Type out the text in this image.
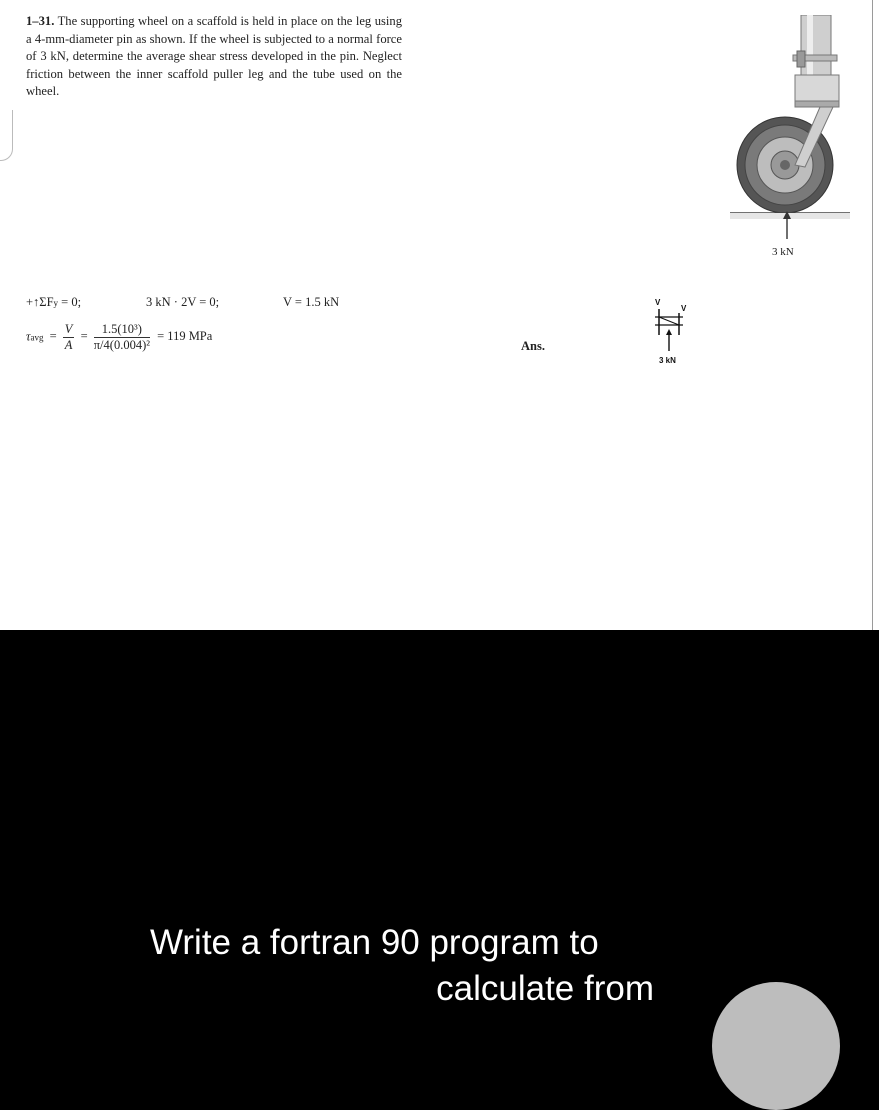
1–31. The supporting wheel on a scaffold is held in place on the leg using a 4-mm-diameter pin as shown. If the wheel is subjected to a normal force of 3 kN, determine the average shear stress developed in the pin. Neglect friction between the inner scaffold puller leg and the tube used on the wheel.
3 kN
+↑ΣFy = 0;	3 kN · 2V = 0;	V = 1.5 kN
$\tau avg = \frac{V}{A} = \frac{\text{1.5(10³)}}{\text{π/4(0.004)²}} = 119$ MPa
Ans.
V
V
3 kN
Write a fortran 90 program to
calculate from
